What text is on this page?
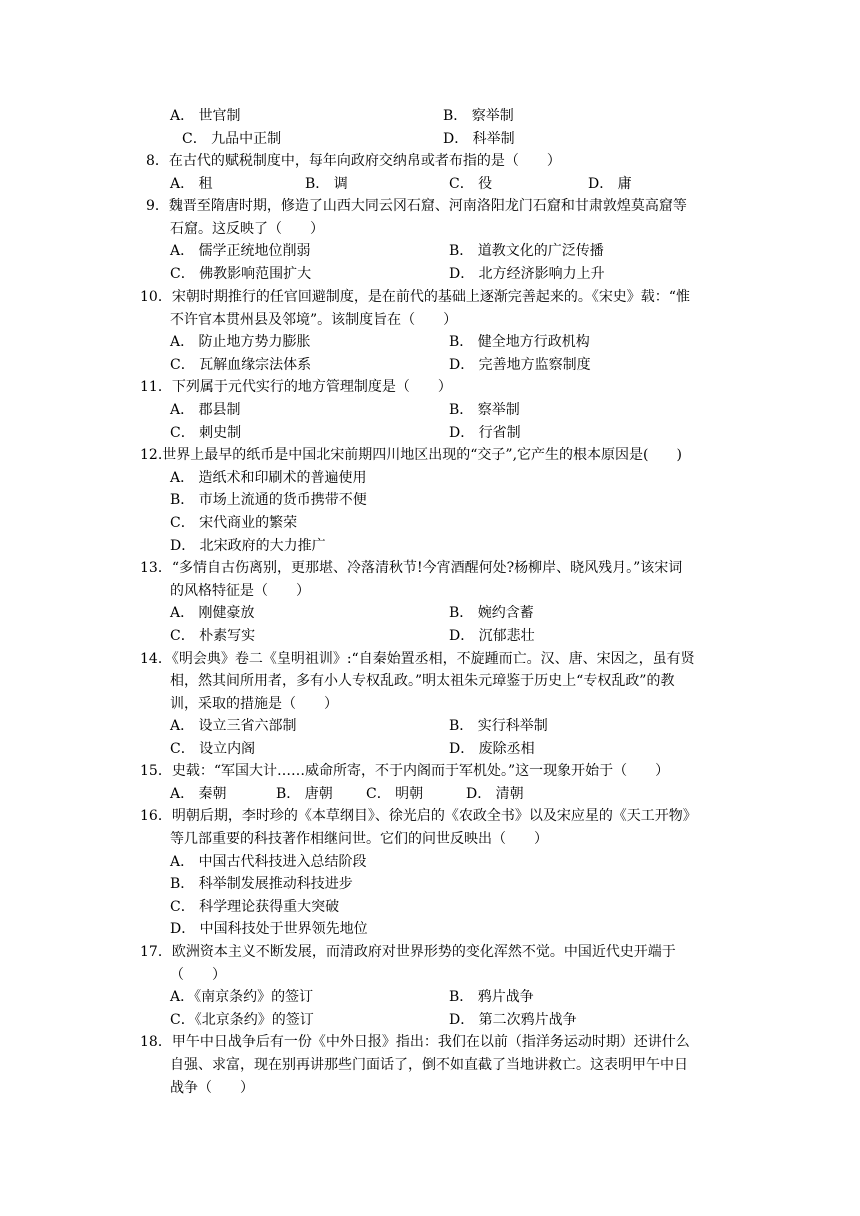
A． 世官制	B． 察举制
C． 九品中正制	D． 科举制
8．在古代的赋税制度中，每年向政府交纳帛或者布指的是（　　）
A． 租	B． 调	C． 役	D． 庸
9．魏晋至隋唐时期，修造了山西大同云冈石窟、河南洛阳龙门石窟和甘肃敦煌莫高窟等
石窟。这反映了（　　）
A． 儒学正统地位削弱	B． 道教文化的广泛传播
C． 佛教影响范围扩大	D． 北方经济影响力上升
10．宋朝时期推行的任官回避制度，是在前代的基础上逐渐完善起来的。《宋史》载：“惟
不许官本贯州县及邻境”。该制度旨在（　　）
A． 防止地方势力膨胀	B． 健全地方行政机构
C． 瓦解血缘宗法体系	D． 完善地方监察制度
11．下列属于元代实行的地方管理制度是（　　）
A． 郡县制	B． 察举制
C． 刺史制	D． 行省制
12.世界上最早的纸币是中国北宋前期四川地区出现的“交子”,它产生的根本原因是(　　)
A． 造纸术和印刷术的普遍使用
B． 市场上流通的货币携带不便
C． 宋代商业的繁荣
D． 北宋政府的大力推广
13．“多情自古伤离别，更那堪、冷落清秋节!今宵酒醒何处?杨柳岸、晓风残月。”该宋词
的风格特征是（　　）
A． 刚健豪放	B． 婉约含蓄
C． 朴素写实	D． 沉郁悲壮
14．《明会典》卷二《皇明祖训》:“自秦始置丞相，不旋踵而亡。汉、唐、宋因之，虽有贤
相，然其间所用者，多有小人专权乱政。”明太祖朱元璋鉴于历史上“专权乱政”的教
训，采取的措施是（　　）
A． 设立三省六部制	B． 实行科举制
C． 设立内阁	D． 废除丞相
15．史载：“军国大计……威命所寄，不于内阁而于军机处。”这一现象开始于（　　）
A． 秦朝	B． 唐朝 C． 明朝	D． 清朝
16．明朝后期，李时珍的《本草纲目》、徐光启的《农政全书》以及宋应星的《天工开物》
等几部重要的科技著作相继问世。它们的问世反映出（　　）
A． 中国古代科技进入总结阶段
B． 科举制发展推动科技进步
C． 科学理论获得重大突破
D． 中国科技处于世界领先地位
17．欧洲资本主义不断发展，而清政府对世界形势的变化浑然不觉。中国近代史开端于
（　　）
A．《南京条约》的签订	B． 鸦片战争
C．《北京条约》的签订	D． 第二次鸦片战争
18．甲午中日战争后有一份《中外日报》指出：我们在以前（指洋务运动时期）还讲什么
自强、求富，现在别再讲那些门面话了，倒不如直截了当地讲救亡。这表明甲午中日
战争（　　）
